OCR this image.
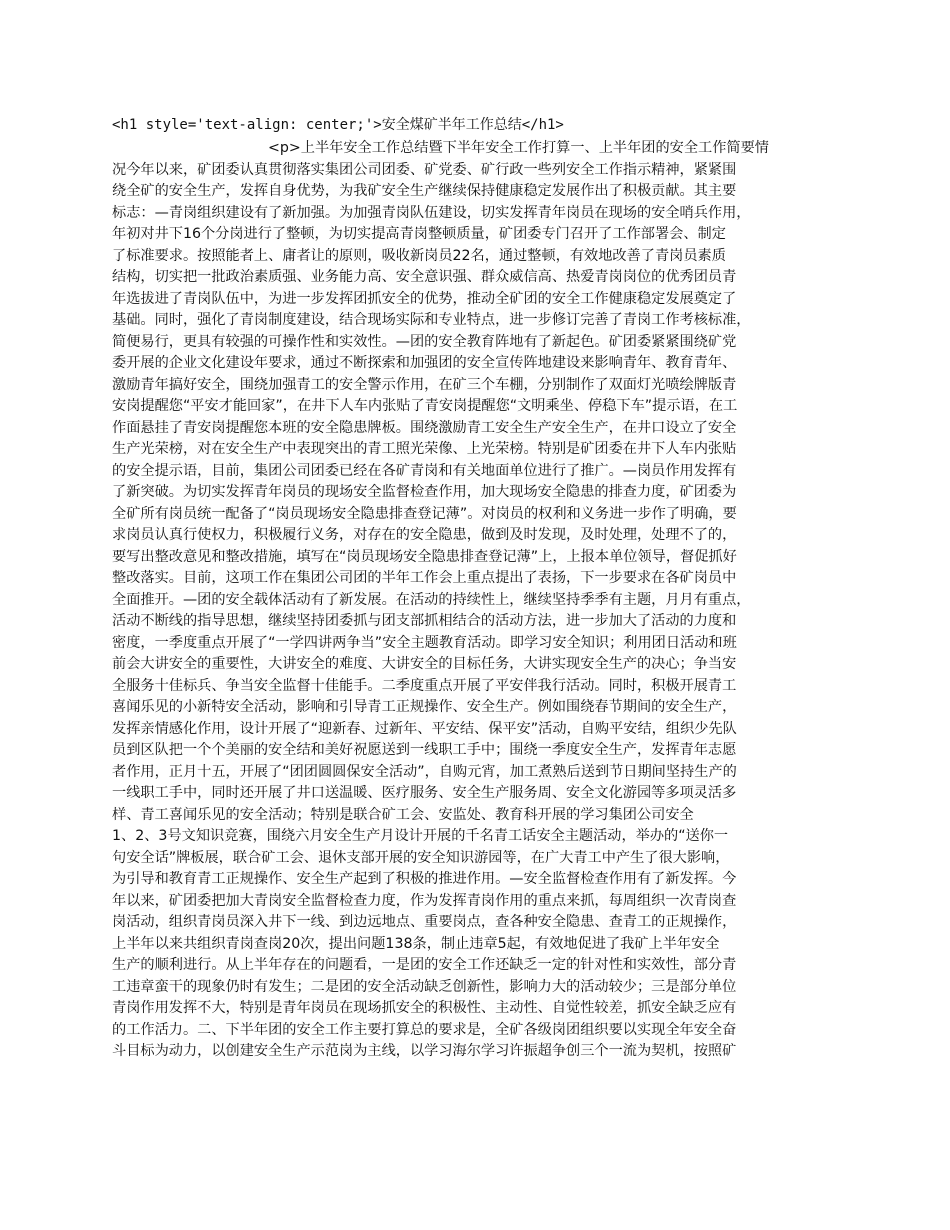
<h1 style='text-align: center;'>安全煤矿半年工作总结</h1>

<p>上半年安全工作总结暨下半年安全工作打算一、上半年团的安全工作简要情
况今年以来，矿团委认真贯彻落实集团公司团委、矿党委、矿行政一些列安全工作指示精神，紧紧围
绕全矿的安全生产，发挥自身优势，为我矿安全生产继续保持健康稳定发展作出了积极贡献。其主要
标志：—青岗组织建设有了新加强。为加强青岗队伍建设，切实发挥青年岗员在现场的安全哨兵作用，
年初对井下16个分岗进行了整顿，为切实提高青岗整顿质量，矿团委专门召开了工作部署会、制定
了标准要求。按照能者上、庸者让的原则，吸收新岗员22名，通过整顿，有效地改善了青岗员素质
结构，切实把一批政治素质强、业务能力高、安全意识强、群众威信高、热爱青岗岗位的优秀团员青
年选拔进了青岗队伍中，为进一步发挥团抓安全的优势，推动全矿团的安全工作健康稳定发展奠定了
基础。同时，强化了青岗制度建设，结合现场实际和专业特点，进一步修订完善了青岗工作考核标准，
简便易行，更具有较强的可操作性和实效性。—团的安全教育阵地有了新起色。矿团委紧紧围绕矿党
委开展的企业文化建设年要求，通过不断探索和加强团的安全宣传阵地建设来影响青年、教育青年、
激励青年搞好安全，围绕加强青工的安全警示作用，在矿三个车棚，分别制作了双面灯光喷绘牌版青
安岗提醒您“平安才能回家”，在井下人车内张贴了青安岗提醒您“文明乘坐、停稳下车”提示语，在工
作面悬挂了青安岗提醒您本班的安全隐患牌板。围绕激励青工安全生产安全生产，在井口设立了安全
生产光荣榜，对在安全生产中表现突出的青工照光荣像、上光荣榜。特别是矿团委在井下人车内张贴
的安全提示语，目前，集团公司团委已经在各矿青岗和有关地面单位进行了推广。—岗员作用发挥有
了新突破。为切实发挥青年岗员的现场安全监督检查作用，加大现场安全隐患的排查力度，矿团委为
全矿所有岗员统一配备了“岗员现场安全隐患排查登记薄”。对岗员的权利和义务进一步作了明确，要
求岗员认真行使权力，积极履行义务，对存在的安全隐患，做到及时发现，及时处理，处理不了的，
要写出整改意见和整改措施，填写在“岗员现场安全隐患排查登记薄”上，上报本单位领导，督促抓好
整改落实。目前，这项工作在集团公司团的半年工作会上重点提出了表扬，下一步要求在各矿岗员中
全面推开。—团的安全载体活动有了新发展。在活动的持续性上，继续坚持季季有主题，月月有重点，
活动不断线的指导思想，继续坚持团委抓与团支部抓相结合的活动方法，进一步加大了活动的力度和
密度，一季度重点开展了“一学四讲两争当”安全主题教育活动。即学习安全知识；利用团日活动和班
前会大讲安全的重要性，大讲安全的难度、大讲安全的目标任务，大讲实现安全生产的决心；争当安
全服务十佳标兵、争当安全监督十佳能手。二季度重点开展了平安伴我行活动。同时，积极开展青工
喜闻乐见的小新特安全活动，影响和引导青工正规操作、安全生产。例如围绕春节期间的安全生产，
发挥亲情感化作用，设计开展了“迎新春、过新年、平安结、保平安”活动，自购平安结，组织少先队
员到区队把一个个美丽的安全结和美好祝愿送到一线职工手中；围绕一季度安全生产，发挥青年志愿
者作用，正月十五，开展了“团团圆圆保安全活动”，自购元宵，加工煮熟后送到节日期间坚持生产的
一线职工手中，同时还开展了井口送温暖、医疗服务、安全生产服务周、安全文化游园等多项灵活多
样、青工喜闻乐见的安全活动；特别是联合矿工会、安监处、教育科开展的学习集团公司安全
1、2、3号文知识竞赛，围绕六月安全生产月设计开展的千名青工话安全主题活动，举办的“送你一
句安全话”牌板展，联合矿工会、退休支部开展的安全知识游园等，在广大青工中产生了很大影响，
为引导和教育青工正规操作、安全生产起到了积极的推进作用。—安全监督检查作用有了新发挥。今
年以来，矿团委把加大青岗安全监督检查力度，作为发挥青岗作用的重点来抓，每周组织一次青岗查
岗活动，组织青岗员深入井下一线、到边远地点、重要岗点，查各种安全隐患、查青工的正规操作，
上半年以来共组织青岗查岗20次，提出问题138条，制止违章5起，有效地促进了我矿上半年安全
生产的顺利进行。从上半年存在的问题看，一是团的安全工作还缺乏一定的针对性和实效性，部分青
工违章蛮干的现象仍时有发生；二是团的安全活动缺乏创新性，影响力大的活动较少；三是部分单位
青岗作用发挥不大，特别是青年岗员在现场抓安全的积极性、主动性、自觉性较差，抓安全缺乏应有
的工作活力。二、下半年团的安全工作主要打算总的要求是，全矿各级岗团组织要以实现全年安全奋
斗目标为动力，以创建安全生产示范岗为主线，以学习海尔学习许振超争创三个一流为契机，按照矿
